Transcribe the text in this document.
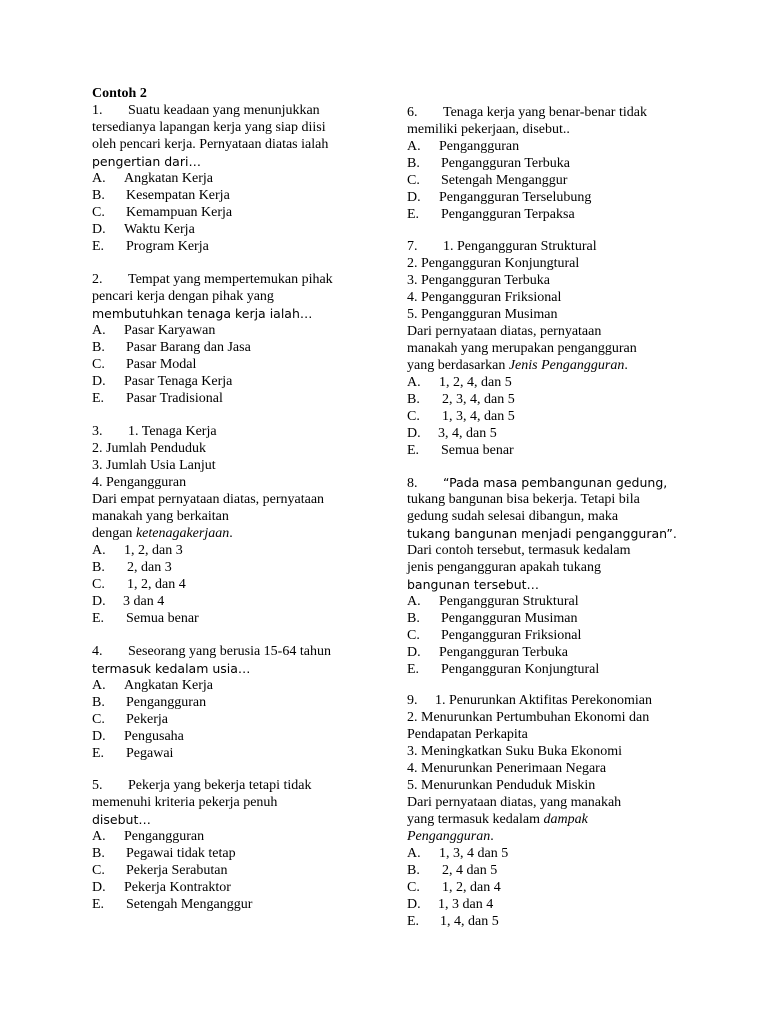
Contoh 2
1. Suatu keadaan yang menunjukkan
tersedianya lapangan kerja yang siap diisi
oleh pencari kerja. Pernyataan diatas ialah
pengertian dari…
A. Angkatan Kerja
B. Kesempatan Kerja
C. Kemampuan Kerja
D. Waktu Kerja
E. Program Kerja
2. Tempat yang mempertemukan pihak
pencari kerja dengan pihak yang
membutuhkan tenaga kerja ialah…
A. Pasar Karyawan
B. Pasar Barang dan Jasa
C. Pasar Modal
D. Pasar Tenaga Kerja
E. Pasar Tradisional
3. 1. Tenaga Kerja
2. Jumlah Penduduk
3. Jumlah Usia Lanjut
4. Pengangguran
Dari empat pernyataan diatas, pernyataan
manakah yang berkaitan
dengan ketenagakerjaan.
A. 1, 2, dan 3
B. 2, dan 3
C. 1, 2, dan 4
D. 3 dan 4
E. Semua benar
4. Seseorang yang berusia 15-64 tahun
termasuk kedalam usia…
A. Angkatan Kerja
B. Pengangguran
C. Pekerja
D. Pengusaha
E. Pegawai
5. Pekerja yang bekerja tetapi tidak
memenuhi kriteria pekerja penuh
disebut…
A. Pengangguran
B. Pegawai tidak tetap
C. Pekerja Serabutan
D. Pekerja Kontraktor
E. Setengah Menganggur
6. Tenaga kerja yang benar-benar tidak
memiliki pekerjaan, disebut..
A. Pengangguran
B. Pengangguran Terbuka
C. Setengah Menganggur
D. Pengangguran Terselubung
E. Pengangguran Terpaksa
7. 1. Pengangguran Struktural
2. Pengangguran Konjungtural
3. Pengangguran Terbuka
4. Pengangguran Friksional
5. Pengangguran Musiman
Dari pernyataan diatas, pernyataan
manakah yang merupakan pengangguran
yang berdasarkan Jenis Pengangguran.
A. 1, 2, 4, dan 5
B. 2, 3, 4, dan 5
C. 1, 3, 4, dan 5
D. 3, 4, dan 5
E. Semua benar
8. “Pada masa pembangunan gedung,
tukang bangunan bisa bekerja. Tetapi bila
gedung sudah selesai dibangun, maka
tukang bangunan menjadi pengangguran”.
Dari contoh tersebut, termasuk kedalam
jenis pengangguran apakah tukang
bangunan tersebut…
A. Pengangguran Struktural
B. Pengangguran Musiman
C. Pengangguran Friksional
D. Pengangguran Terbuka
E. Pengangguran Konjungtural
9. 1. Penurunkan Aktifitas Perekonomian
2. Menurunkan Pertumbuhan Ekonomi dan
Pendapatan Perkapita
3. Meningkatkan Suku Buka Ekonomi
4. Menurunkan Penerimaan Negara
5. Menurunkan Penduduk Miskin
Dari pernyataan diatas, yang manakah
yang termasuk kedalam dampak
Pengangguran.
A. 1, 3, 4 dan 5
B. 2, 4 dan 5
C. 1, 2, dan 4
D. 1, 3 dan 4
E. 1, 4, dan 5
